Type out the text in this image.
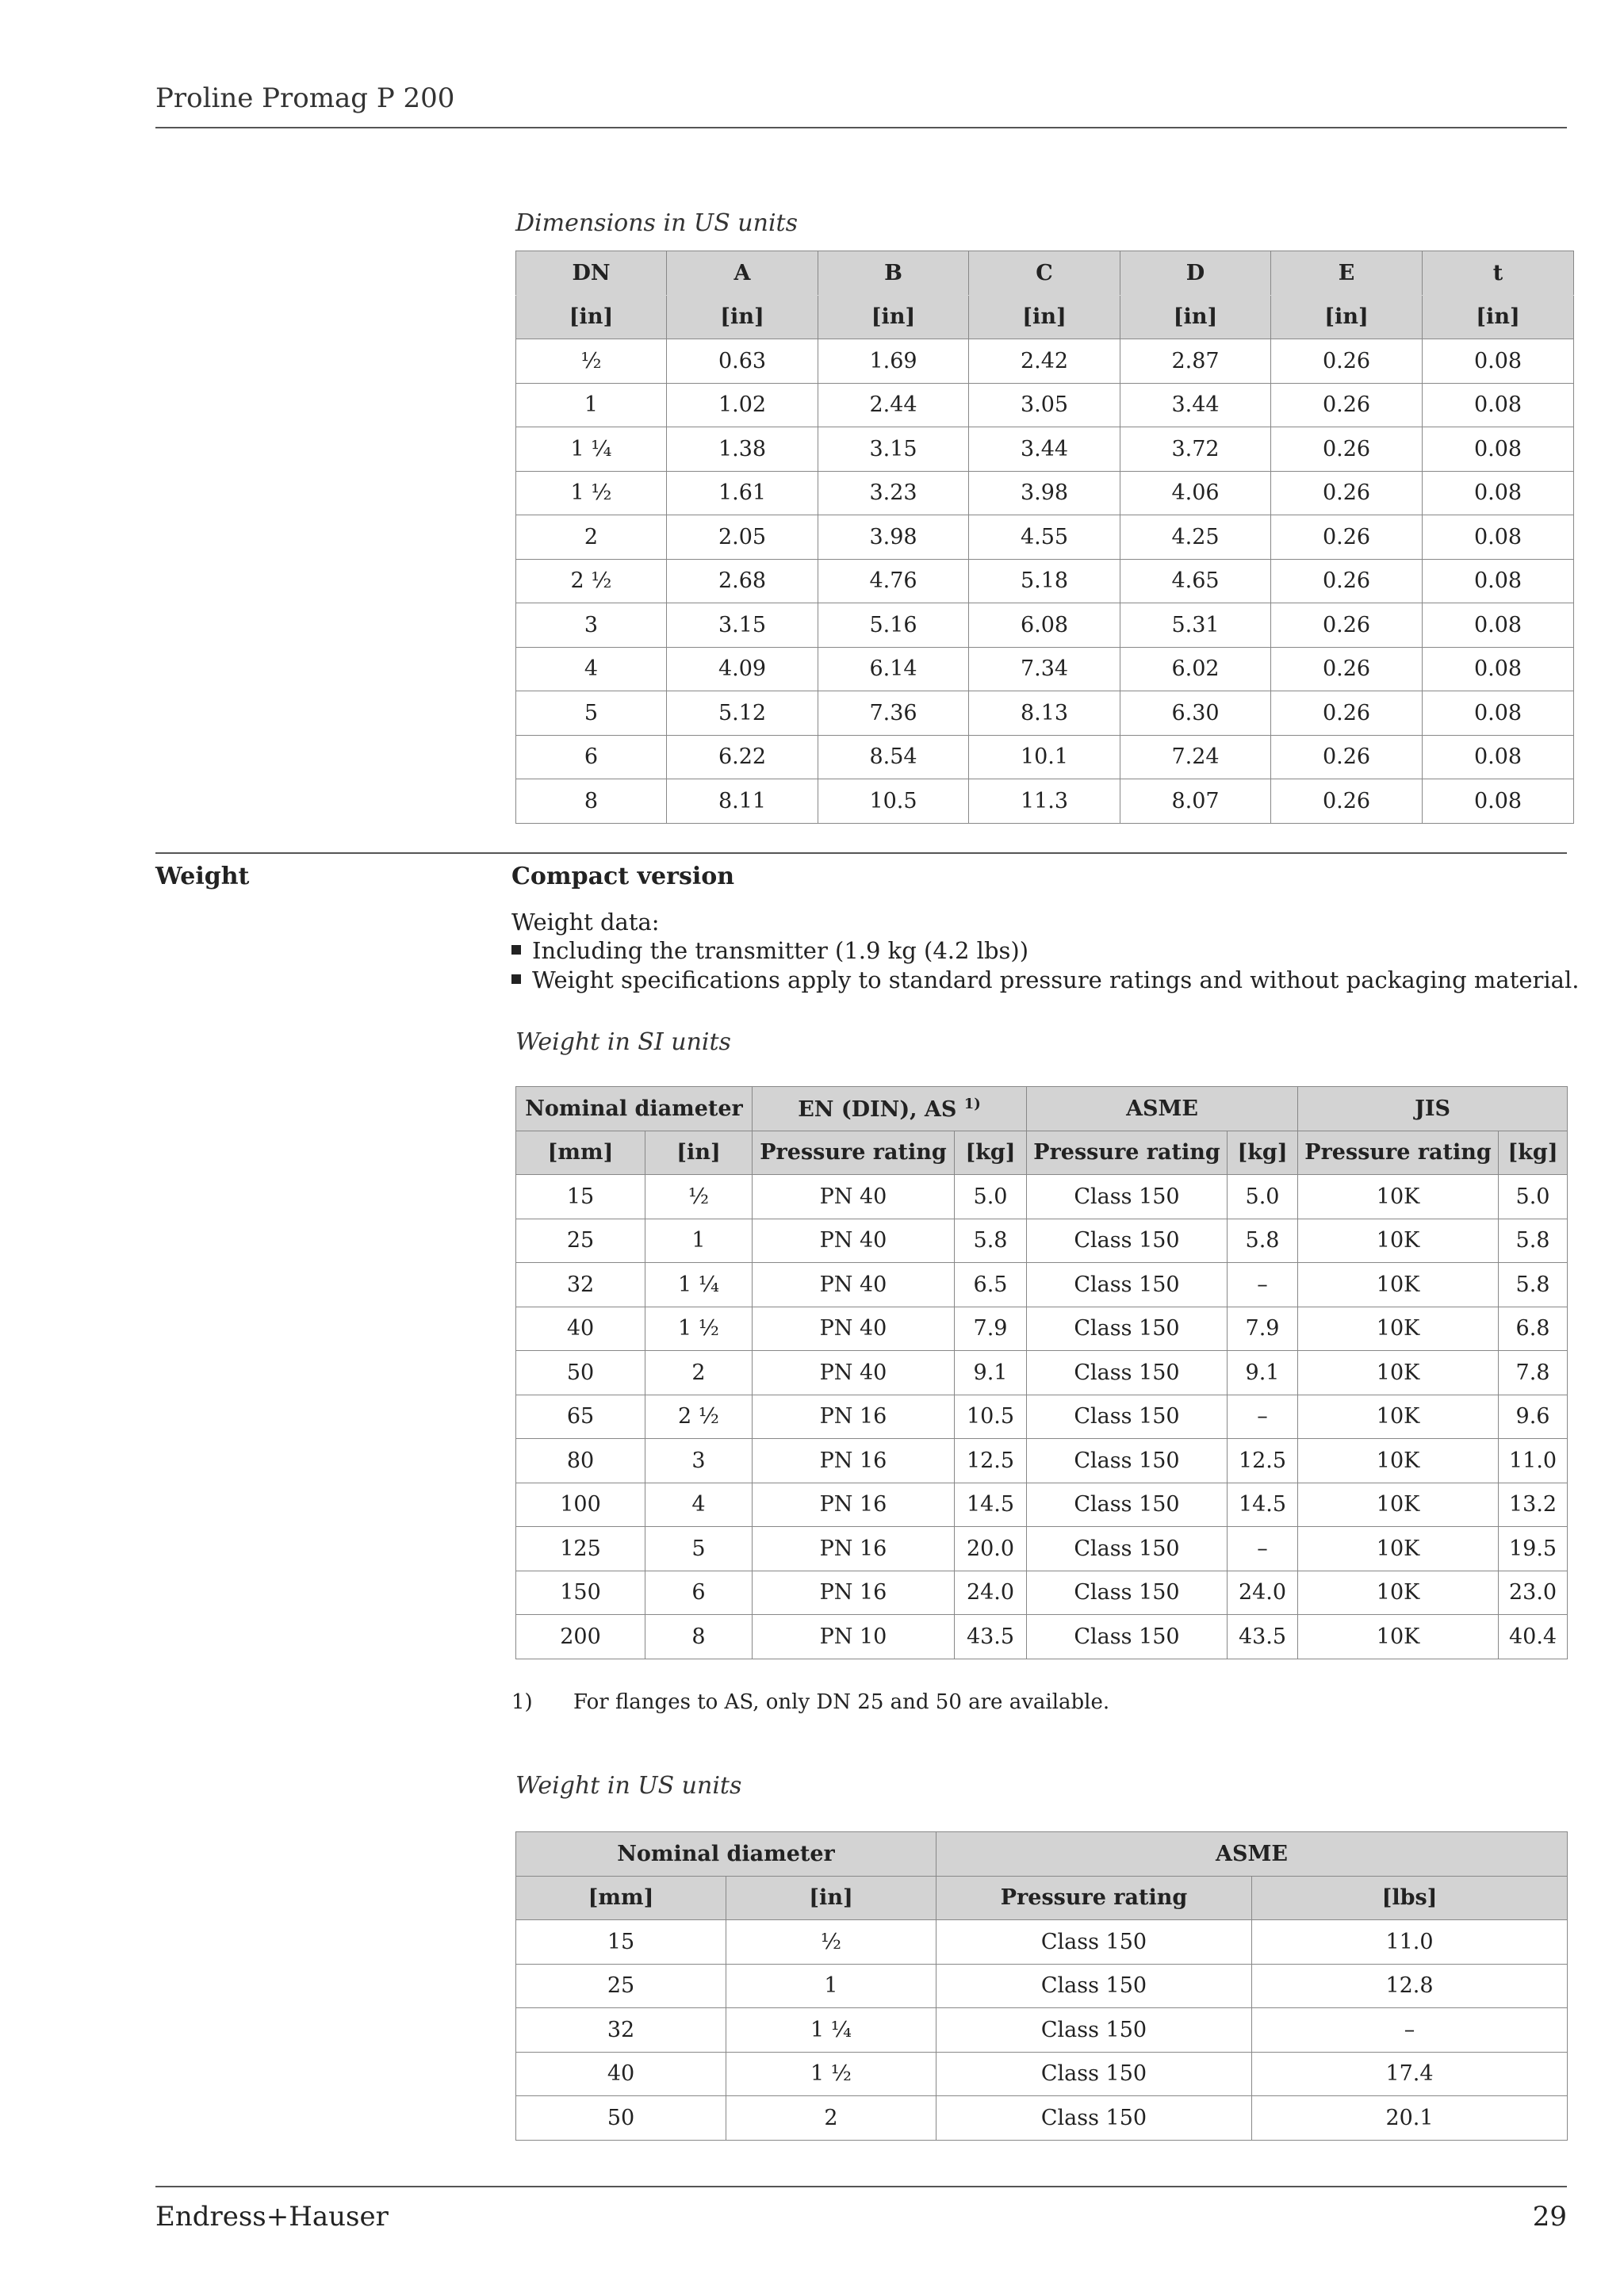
Proline Promag P 200
Dimensions in US units
DN	A	B	C	D	E	t
[in]	[in]	[in]	[in]	[in]	[in]	[in]
½	0.63	1.69	2.42	2.87	0.26	0.08
1	1.02	2.44	3.05	3.44	0.26	0.08
1 ¼	1.38	3.15	3.44	3.72	0.26	0.08
1 ½	1.61	3.23	3.98	4.06	0.26	0.08
2	2.05	3.98	4.55	4.25	0.26	0.08
2 ½	2.68	4.76	5.18	4.65	0.26	0.08
3	3.15	5.16	6.08	5.31	0.26	0.08
4	4.09	6.14	7.34	6.02	0.26	0.08
5	5.12	7.36	8.13	6.30	0.26	0.08
6	6.22	8.54	10.1	7.24	0.26	0.08
8	8.11	10.5	11.3	8.07	0.26	0.08
Weight	Compact version
Weight data:
Including the transmitter (1.9 kg (4.2 lbs))
Weight specifications apply to standard pressure ratings and without packaging material.
Weight in SI units
Nominal diameter		EN (DIN), AS $^{1)}$		ASME		JIS	
[mm]	[in]	Pressure rating	[kg]	Pressure rating	[kg]	Pressure rating	[kg]
15	½	PN 40	5.0	Class 150	5.0	10K	5.0
25	1	PN 40	5.8	Class 150	5.8	10K	5.8
32	1 ¼	PN 40	6.5	Class 150	–	10K	5.8
40	1 ½	PN 40	7.9	Class 150	7.9	10K	6.8
50	2	PN 40	9.1	Class 150	9.1	10K	7.8
65	2 ½	PN 16	10.5	Class 150	–	10K	9.6
80	3	PN 16	12.5	Class 150	12.5	10K	11.0
100	4	PN 16	14.5	Class 150	14.5	10K	13.2
125	5	PN 16	20.0	Class 150	–	10K	19.5
150	6	PN 16	24.0	Class 150	24.0	10K	23.0
200	8	PN 10	43.5	Class 150	43.5	10K	40.4
1) For flanges to AS, only DN 25 and 50 are available.
Weight in US units
Nominal diameter		ASME	
[mm]	[in]	Pressure rating	[lbs]
15	½	Class 150	11.0
25	1	Class 150	12.8
32	1 ¼	Class 150	–
40	1 ½	Class 150	17.4
50	2	Class 150	20.1
Endress+Hauser	29
